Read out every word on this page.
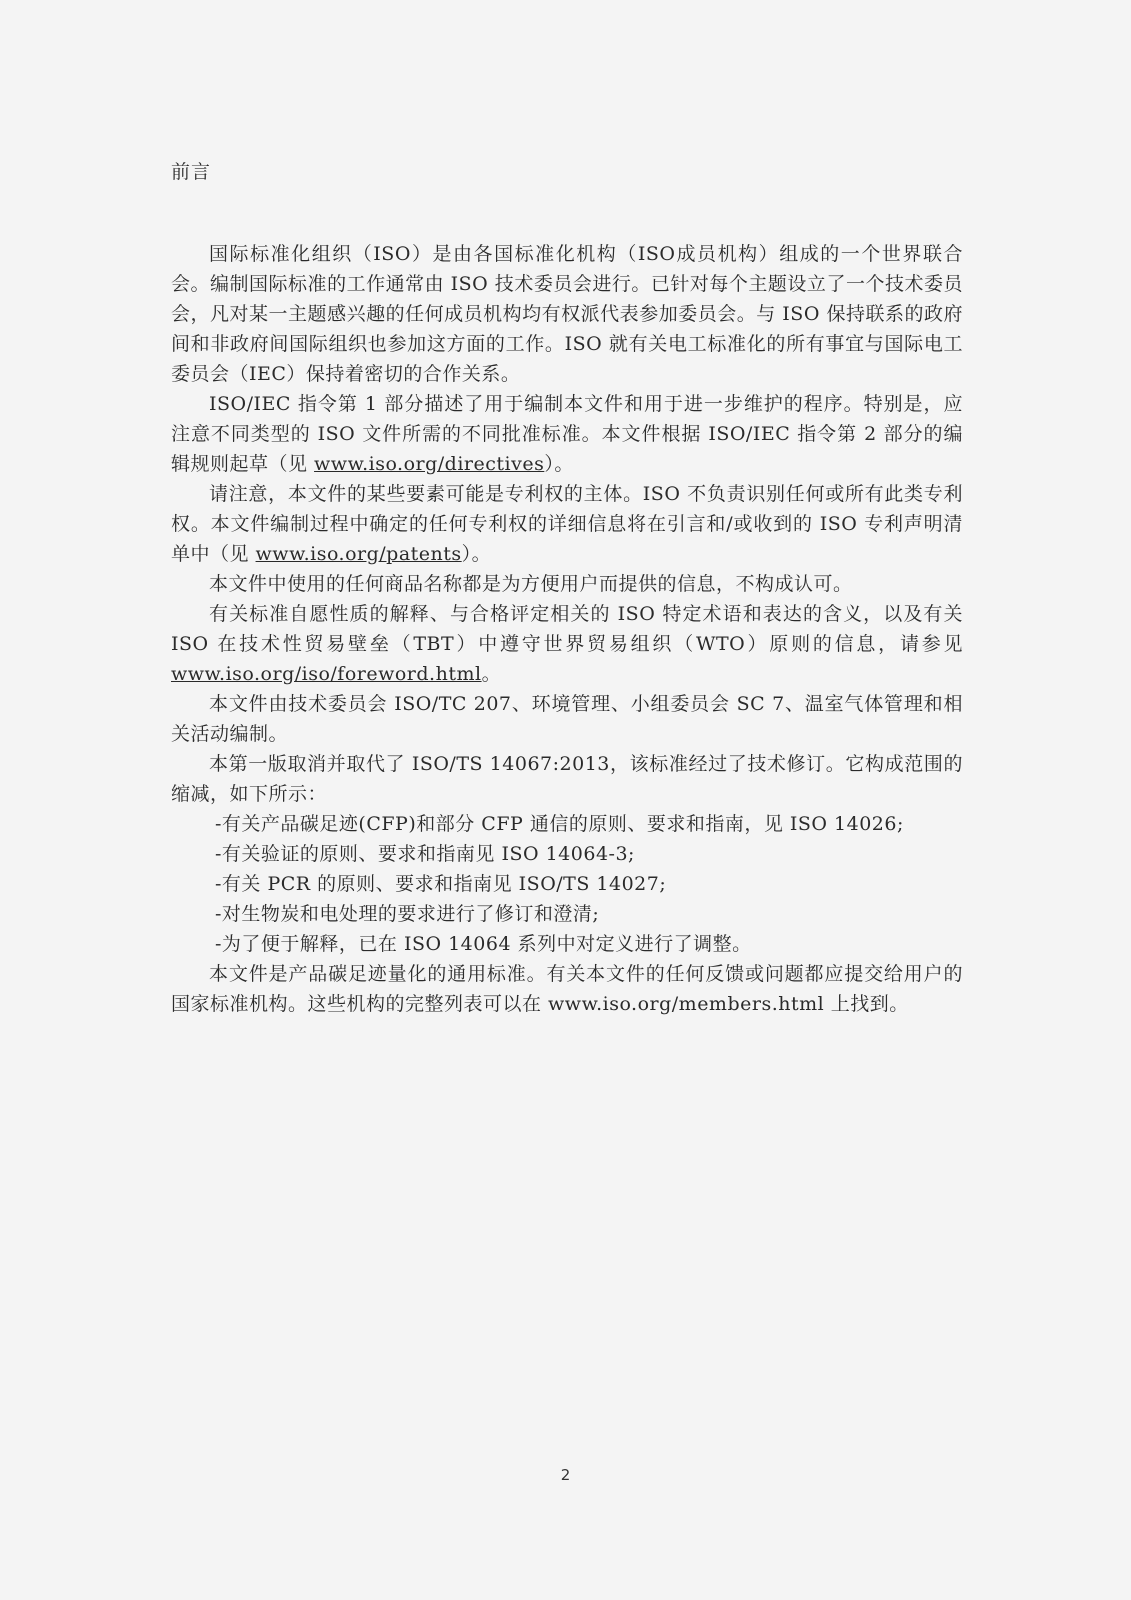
前言

国际标准化组织（ISO）是由各国标准化机构（ISO成员机构）组成的一个世界联合会。编制国际标准的工作通常由 ISO 技术委员会进行。已针对每个主题设立了一个技术委员会，凡对某一主题感兴趣的任何成员机构均有权派代表参加委员会。与 ISO 保持联系的政府间和非政府间国际组织也参加这方面的工作。ISO 就有关电工标准化的所有事宜与国际电工委员会（IEC）保持着密切的合作关系。

ISO/IEC 指令第 1 部分描述了用于编制本文件和用于进一步维护的程序。特别是，应注意不同类型的 ISO 文件所需的不同批准标准。本文件根据 ISO/IEC 指令第 2 部分的编辑规则起草（见 www.iso.org/directives）。

请注意，本文件的某些要素可能是专利权的主体。ISO 不负责识别任何或所有此类专利权。本文件编制过程中确定的任何专利权的详细信息将在引言和/或收到的 ISO 专利声明清单中（见 www.iso.org/patents）。

本文件中使用的任何商品名称都是为方便用户而提供的信息，不构成认可。

有关标准自愿性质的解释、与合格评定相关的 ISO 特定术语和表达的含义，以及有关 ISO 在技术性贸易壁垒（TBT）中遵守世界贸易组织（WTO）原则的信息，请参见 www.iso.org/iso/foreword.html。

本文件由技术委员会 ISO/TC 207、环境管理、小组委员会 SC 7、温室气体管理和相关活动编制。

本第一版取消并取代了 ISO/TS 14067:2013，该标准经过了技术修订。它构成范围的缩减，如下所示：

-有关产品碳足迹(CFP)和部分 CFP 通信的原则、要求和指南，见 ISO 14026;

-有关验证的原则、要求和指南见 ISO 14064-3;

-有关 PCR 的原则、要求和指南见 ISO/TS 14027;

-对生物炭和电处理的要求进行了修订和澄清;

-为了便于解释，已在 ISO 14064 系列中对定义进行了调整。

本文件是产品碳足迹量化的通用标准。有关本文件的任何反馈或问题都应提交给用户的国家标准机构。这些机构的完整列表可以在 www.iso.org/members.html 上找到。

2
